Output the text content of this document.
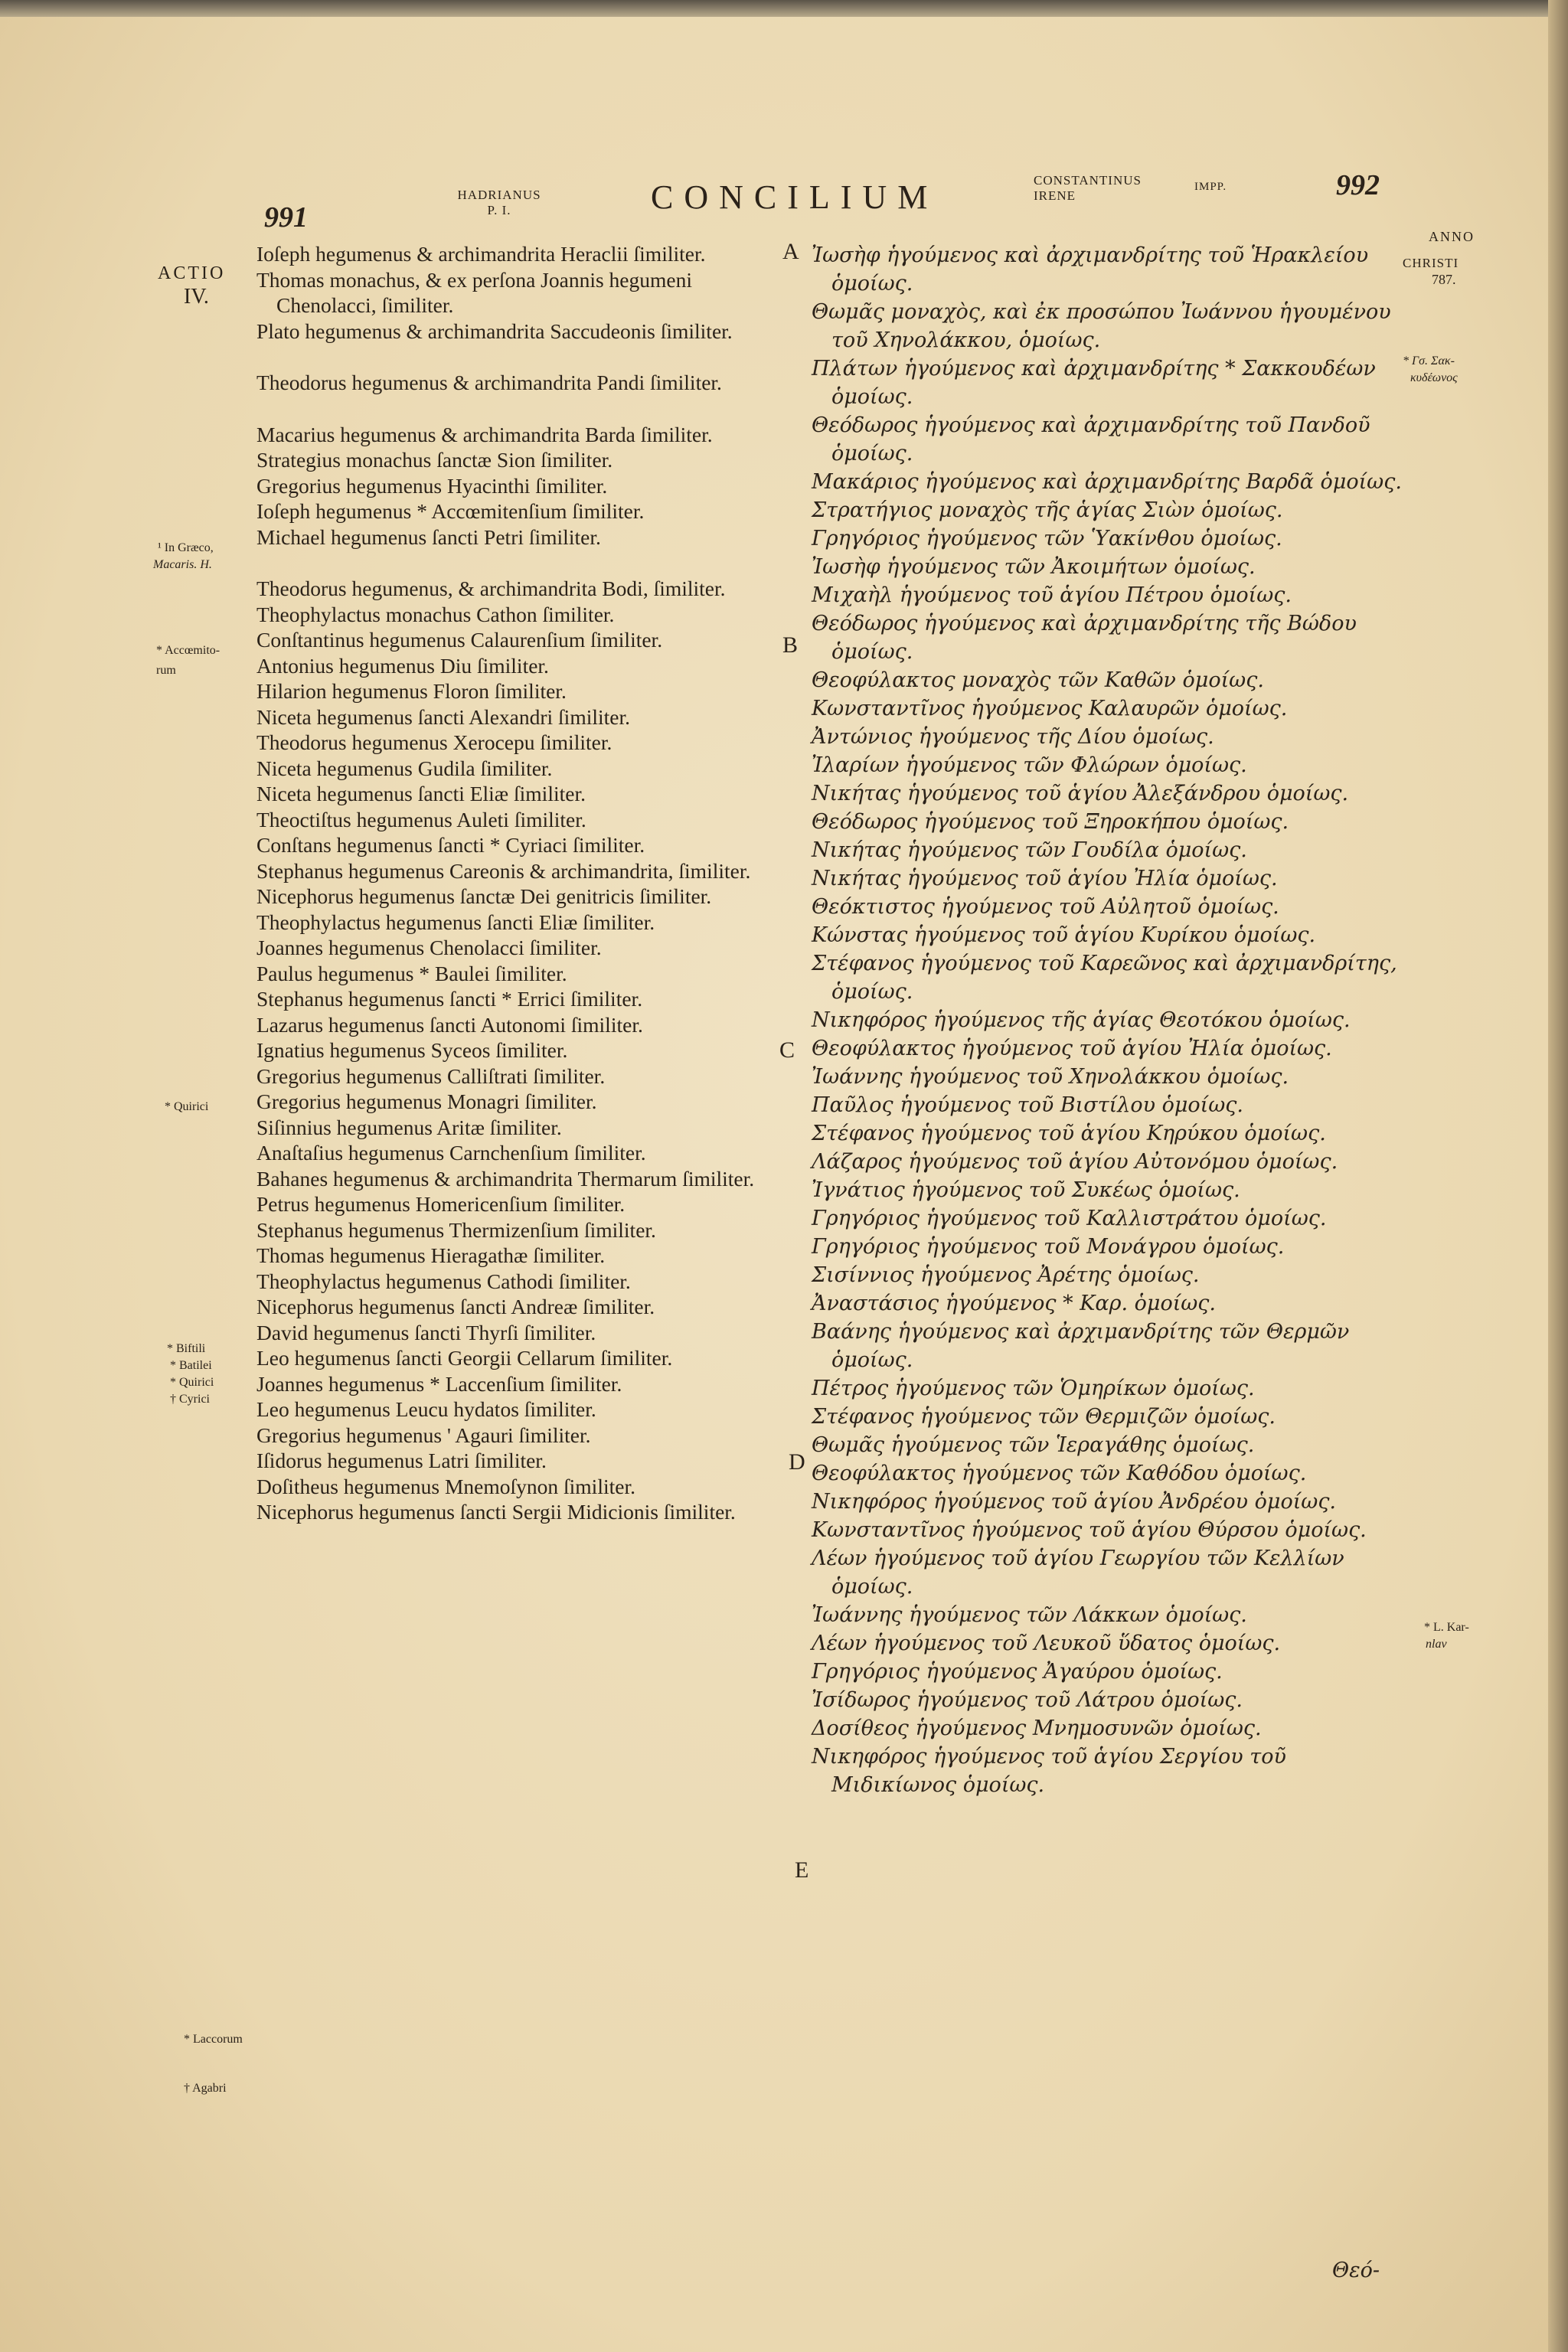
991
HADRIANUS
P. I.	CONCILIUM	CONSTANTINUS
IRENE
IMPP.	992
ACTIO
IV.
ANNO
CHRISTI
787.
¹ In Græco,
Macaris. H.
* Accœmito-
rum
* Quirici
* Biftili
* Batilei
* Quirici
† Cyrici
* Laccorum
† Agabri
* Γσ. Σακ-
κυδέωνος
* L. Kar-
nlav
A
B
C
D
E
Ioſeph hegumenus & archimandrita Heraclii ſimiliter.
Thomas monachus, & ex perſona Joannis hegumeni Chenolacci, ſimiliter.
Plato hegumenus & archimandrita Saccudeonis ſimiliter.
Theodorus hegumenus & archimandrita Pandi ſimiliter.
Macarius hegumenus & archimandrita Barda ſimiliter.
Strategius monachus ſanctæ Sion ſimiliter.
Gregorius hegumenus Hyacinthi ſimiliter.
Ioſeph hegumenus * Accœmitenſium ſimiliter.
Michael hegumenus ſancti Petri ſimiliter.
Theodorus hegumenus, & archimandrita Bodi, ſimiliter.
Theophylactus monachus Cathon ſimiliter.
Conſtantinus hegumenus Calaurenſium ſimiliter.
Antonius hegumenus Diu ſimiliter.
Hilarion hegumenus Floron ſimiliter.
Niceta hegumenus ſancti Alexandri ſimiliter.
Theodorus hegumenus Xerocepu ſimiliter.
Niceta hegumenus Gudila ſimiliter.
Niceta hegumenus ſancti Eliæ ſimiliter.
Theoctiſtus hegumenus Auleti ſimiliter.
Conſtans hegumenus ſancti * Cyriaci ſimiliter.
Stephanus hegumenus Careonis & archimandrita, ſimiliter.
Nicephorus hegumenus ſanctæ Dei genitricis ſimiliter.
Theophylactus hegumenus ſancti Eliæ ſimiliter.
Joannes hegumenus Chenolacci ſimiliter.
Paulus hegumenus * Baulei ſimiliter.
Stephanus hegumenus ſancti * Errici ſimiliter.
Lazarus hegumenus ſancti Autonomi ſimiliter.
Ignatius hegumenus Syceos ſimiliter.
Gregorius hegumenus Calliſtrati ſimiliter.
Gregorius hegumenus Monagri ſimiliter.
Siſinnius hegumenus Aritæ ſimiliter.
Anaſtaſius hegumenus Carnchenſium ſimiliter.
Bahanes hegumenus & archimandrita Thermarum ſimiliter.
Petrus hegumenus Homericenſium ſimiliter.
Stephanus hegumenus Thermizenſium ſimiliter.
Thomas hegumenus Hieragathæ ſimiliter.
Theophylactus hegumenus Cathodi ſimiliter.
Nicephorus hegumenus ſancti Andreæ ſimiliter.
David hegumenus ſancti Thyrſi ſimiliter.
Leo hegumenus ſancti Georgii Cellarum ſimiliter.
Joannes hegumenus * Laccenſium ſimiliter.
Leo hegumenus Leucu hydatos ſimiliter.
Gregorius hegumenus ' Agauri ſimiliter.
Iſidorus hegumenus Latri ſimiliter.
Doſitheus hegumenus Mnemoſynon ſimiliter.
Nicephorus hegumenus ſancti Sergii Midicionis ſimiliter.
Ἰωσὴφ ἡγούμενος καὶ ἀρχιμανδρίτης τοῦ Ἡρακλείου ὁμοίως.
Θωμᾶς μοναχὸς, καὶ ἐκ προσώπου Ἰωάννου ἡγουμένου τοῦ Χηνολάκκου, ὁμοίως.
Πλάτων ἡγούμενος καὶ ἀρχιμανδρίτης * Σακκουδέων ὁμοίως.
Θεόδωρος ἡγούμενος καὶ ἀρχιμανδρίτης τοῦ Πανδοῦ ὁμοίως.
Μακάριος ἡγούμενος καὶ ἀρχιμανδρίτης Βαρδᾶ ὁμοίως.
Στρατήγιος μοναχὸς τῆς ἁγίας Σιὼν ὁμοίως.
Γρηγόριος ἡγούμενος τῶν Ὑακίνθου ὁμοίως.
Ἰωσὴφ ἡγούμενος τῶν Ἀκοιμήτων ὁμοίως.
Μιχαὴλ ἡγούμενος τοῦ ἁγίου Πέτρου ὁμοίως.
Θεόδωρος ἡγούμενος καὶ ἀρχιμανδρίτης τῆς Βώδου ὁμοίως.
Θεοφύλακτος μοναχὸς τῶν Καθῶν ὁμοίως.
Κωνσταντῖνος ἡγούμενος Καλαυρῶν ὁμοίως.
Ἀντώνιος ἡγούμενος τῆς Δίου ὁμοίως.
Ἰλαρίων ἡγούμενος τῶν Φλώρων ὁμοίως.
Νικήτας ἡγούμενος τοῦ ἁγίου Ἀλεξάνδρου ὁμοίως.
Θεόδωρος ἡγούμενος τοῦ Ξηροκήπου ὁμοίως.
Νικήτας ἡγούμενος τῶν Γουδίλα ὁμοίως.
Νικήτας ἡγούμενος τοῦ ἁγίου Ἠλία ὁμοίως.
Θεόκτιστος ἡγούμενος τοῦ Αὐλητοῦ ὁμοίως.
Κώνστας ἡγούμενος τοῦ ἁγίου Κυρίκου ὁμοίως.
Στέφανος ἡγούμενος τοῦ Καρεῶνος καὶ ἀρχιμανδρίτης, ὁμοίως.
Νικηφόρος ἡγούμενος τῆς ἁγίας Θεοτόκου ὁμοίως.
Θεοφύλακτος ἡγούμενος τοῦ ἁγίου Ἠλία ὁμοίως.
Ἰωάννης ἡγούμενος τοῦ Χηνολάκκου ὁμοίως.
Παῦλος ἡγούμενος τοῦ Βιστίλου ὁμοίως.
Στέφανος ἡγούμενος τοῦ ἁγίου Κηρύκου ὁμοίως.
Λάζαρος ἡγούμενος τοῦ ἁγίου Αὐτονόμου ὁμοίως.
Ἰγνάτιος ἡγούμενος τοῦ Συκέως ὁμοίως.
Γρηγόριος ἡγούμενος τοῦ Καλλιστράτου ὁμοίως.
Γρηγόριος ἡγούμενος τοῦ Μονάγρου ὁμοίως.
Σισίννιος ἡγούμενος Ἀρέτης ὁμοίως.
Ἀναστάσιος ἡγούμενος * Καρ. ὁμοίως.
Βαάνης ἡγούμενος καὶ ἀρχιμανδρίτης τῶν Θερμῶν ὁμοίως.
Πέτρος ἡγούμενος τῶν Ὁμηρίκων ὁμοίως.
Στέφανος ἡγούμενος τῶν Θερμιζῶν ὁμοίως.
Θωμᾶς ἡγούμενος τῶν Ἱεραγάθης ὁμοίως.
Θεοφύλακτος ἡγούμενος τῶν Καθόδου ὁμοίως.
Νικηφόρος ἡγούμενος τοῦ ἁγίου Ἀνδρέου ὁμοίως.
Κωνσταντῖνος ἡγούμενος τοῦ ἁγίου Θύρσου ὁμοίως.
Λέων ἡγούμενος τοῦ ἁγίου Γεωργίου τῶν Κελλίων ὁμοίως.
Ἰωάννης ἡγούμενος τῶν Λάκκων ὁμοίως.
Λέων ἡγούμενος τοῦ Λευκοῦ ὕδατος ὁμοίως.
Γρηγόριος ἡγούμενος Ἀγαύρου ὁμοίως.
Ἰσίδωρος ἡγούμενος τοῦ Λάτρου ὁμοίως.
Δοσίθεος ἡγούμενος Μνημοσυνῶν ὁμοίως.
Νικηφόρος ἡγούμενος τοῦ ἁγίου Σεργίου τοῦ Μιδικίωνος ὁμοίως.
Θεό-
